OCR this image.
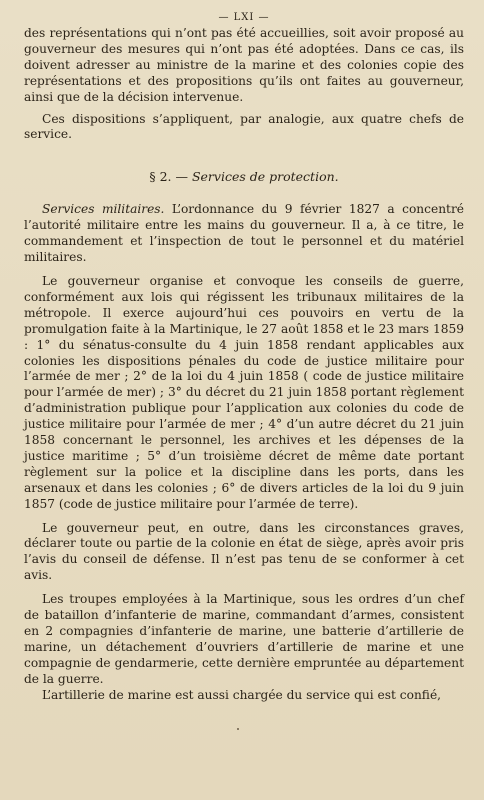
— LXI —

des représentations qui n’ont pas été accueillies, soit avoir proposé au gouverneur des mesures qui n’ont pas été adoptées. Dans ce cas, ils doivent adresser au ministre de la marine et des colonies copie des représentations et des propositions qu’ils ont faites au gouverneur, ainsi que de la décision intervenue.

Ces dispositions s’appliquent, par analogie, aux quatre chefs de service.

§ 2. — Services de protection.

Services militaires. L’ordonnance du 9 février 1827 a concentré l’autorité militaire entre les mains du gouverneur. Il a, à ce titre, le commandement et l’inspection de tout le personnel et du matériel militaires.

Le gouverneur organise et convoque les conseils de guerre, conformément aux lois qui régissent les tribunaux militaires de la métropole. Il exerce aujourd’hui ces pouvoirs en vertu de la promulgation faite à la Martinique, le 27 août 1858 et le 23 mars 1859 : 1° du sénatus-consulte du 4 juin 1858 rendant applicables aux colonies les dispositions pénales du code de justice militaire pour l’armée de mer ; 2° de la loi du 4 juin 1858 ( code de justice militaire pour l’armée de mer) ; 3° du décret du 21 juin 1858 portant règlement d’administration publique pour l’application aux colonies du code de justice militaire pour l’armée de mer ; 4° d’un autre décret du 21 juin 1858 concernant le personnel, les archives et les dépenses de la justice maritime ; 5° d’un troisième décret de même date portant règlement sur la police et la discipline dans les ports, dans les arsenaux et dans les colonies ; 6° de divers articles de la loi du 9 juin 1857 (code de justice militaire pour l’armée de terre).

Le gouverneur peut, en outre, dans les circonstances graves, déclarer toute ou partie de la colonie en état de siège, après avoir pris l’avis du conseil de défense. Il n’est pas tenu de se conformer à cet avis.

Les troupes employées à la Martinique, sous les ordres d’un chef de bataillon d’infanterie de marine, commandant d’armes, consistent en 2 compagnies d’infanterie de marine, une batterie d’artillerie de marine, un détachement d’ouvriers d’artillerie de marine et une compagnie de gendarmerie, cette dernière empruntée au département de la guerre.

L’artillerie de marine est aussi chargée du service qui est confié,
